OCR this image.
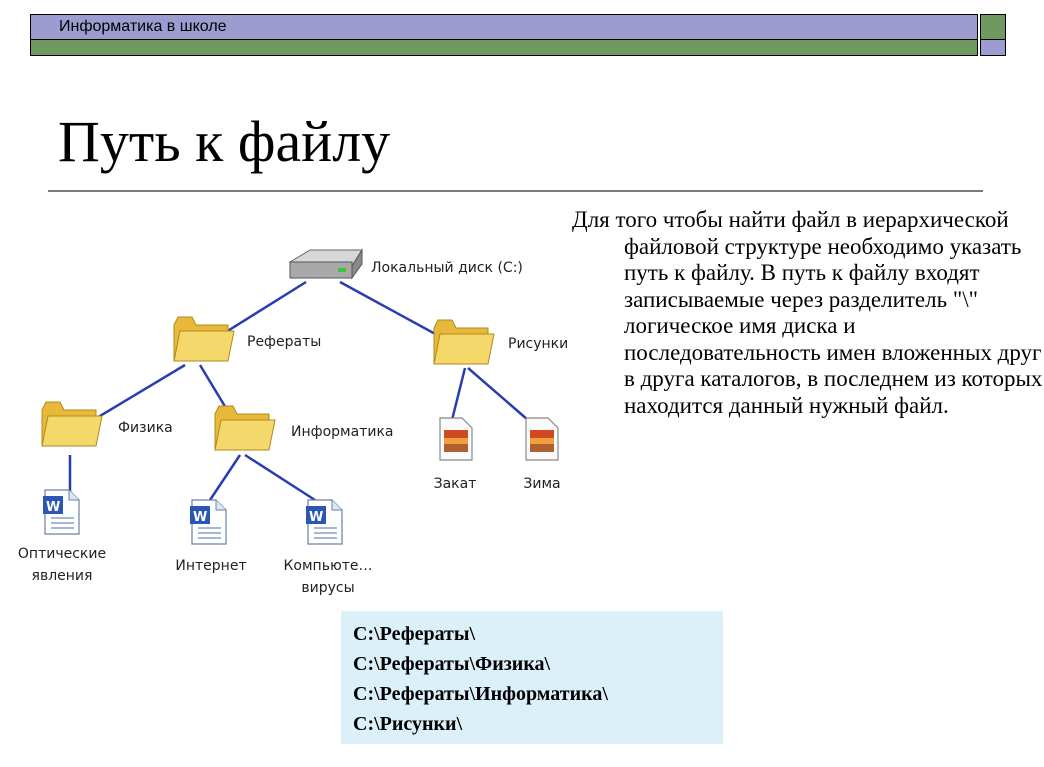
Информатика в школе
Путь к файлу
W
Локальный диск (C:)
Рефераты	Рисунки
Физика	Информатика
Оптические
явления
Интернет	Компьюте…
вирусы
Закат	Зима

Для того чтобы найти файл в иерархической файловой структуре необходимо указать путь к файлу. В путь к файлу входят записываемые через разделитель "\" логическое имя диска и последовательность имен вложенных друг в друга каталогов, в последнем из которых находится данный нужный файл.

C:\Рефераты\
C:\Рефераты\Физика\
C:\Рефераты\Информатика\
C:\Рисунки\
